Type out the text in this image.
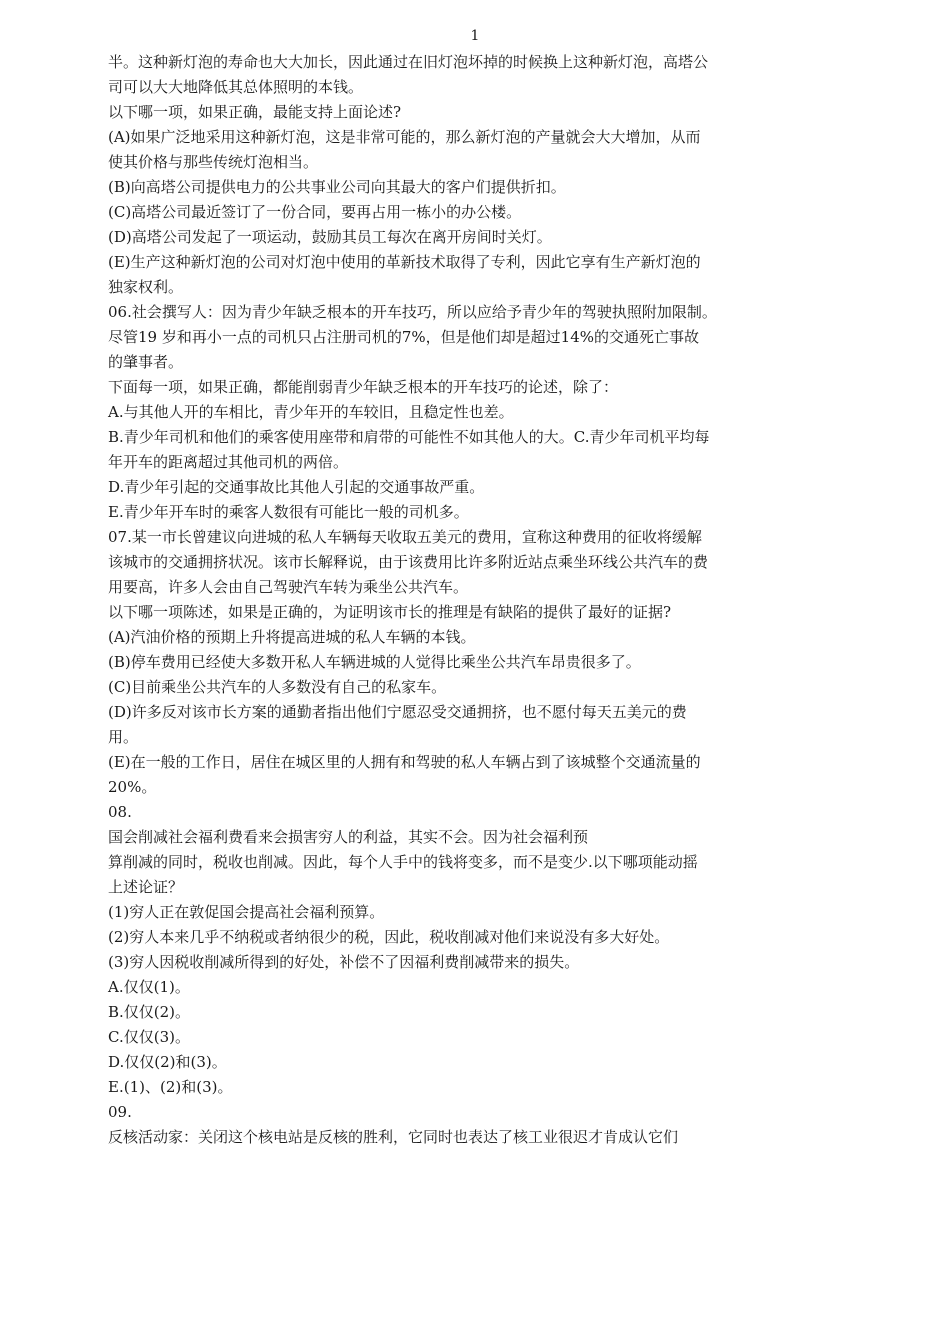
1
半。这种新灯泡的寿命也大大加长，因此通过在旧灯泡坏掉的时候换上这种新灯泡，高塔公
司可以大大地降低其总体照明的本钱。
以下哪一项，如果正确，最能支持上面论述?
(A)如果广泛地采用这种新灯泡，这是非常可能的，那么新灯泡的产量就会大大增加，从而
使其价格与那些传统灯泡相当。
(B)向高塔公司提供电力的公共事业公司向其最大的客户们提供折扣。
(C)高塔公司最近签订了一份合同，要再占用一栋小的办公楼。
(D)高塔公司发起了一项运动，鼓励其员工每次在离开房间时关灯。
(E)生产这种新灯泡的公司对灯泡中使用的革新技术取得了专利，因此它享有生产新灯泡的
独家权利。
06.社会撰写人：因为青少年缺乏根本的开车技巧，所以应给予青少年的驾驶执照附加限制。
尽管19 岁和再小一点的司机只占注册司机的7%，但是他们却是超过14%的交通死亡事故
的肇事者。
下面每一项，如果正确，都能削弱青少年缺乏根本的开车技巧的论述，除了：
A.与其他人开的车相比，青少年开的车较旧，且稳定性也差。
B.青少年司机和他们的乘客使用座带和肩带的可能性不如其他人的大。C.青少年司机平均每
年开车的距离超过其他司机的两倍。
D.青少年引起的交通事故比其他人引起的交通事故严重。
E.青少年开车时的乘客人数很有可能比一般的司机多。
07.某一市长曾建议向进城的私人车辆每天收取五美元的费用，宣称这种费用的征收将缓解
该城市的交通拥挤状况。该市长解释说，由于该费用比许多附近站点乘坐环线公共汽车的费
用要高，许多人会由自己驾驶汽车转为乘坐公共汽车。
以下哪一项陈述，如果是正确的，为证明该市长的推理是有缺陷的提供了最好的证据?
(A)汽油价格的预期上升将提高进城的私人车辆的本钱。
(B)停车费用已经使大多数开私人车辆进城的人觉得比乘坐公共汽车昂贵很多了。
(C)目前乘坐公共汽车的人多数没有自己的私家车。
(D)许多反对该市长方案的通勤者指出他们宁愿忍受交通拥挤，也不愿付每天五美元的费
用。
(E)在一般的工作日，居住在城区里的人拥有和驾驶的私人车辆占到了该城整个交通流量的
20%。
08.
国会削减社会福利费看来会损害穷人的利益，其实不会。因为社会福利预
算削减的同时，税收也削减。因此，每个人手中的钱将变多，而不是变少.以下哪项能动摇
上述论证？
(1)穷人正在敦促国会提高社会福利预算。
(2)穷人本来几乎不纳税或者纳很少的税，因此，税收削减对他们来说没有多大好处。
(3)穷人因税收削减所得到的好处，补偿不了因福利费削减带来的损失。
A.仅仅(1)。
B.仅仅(2)。
C.仅仅(3)。
D.仅仅(2)和(3)。
E.(1)、(2)和(3)。
09.
反核活动家：关闭这个核电站是反核的胜利，它同时也表达了核工业很迟才肯成认它们
